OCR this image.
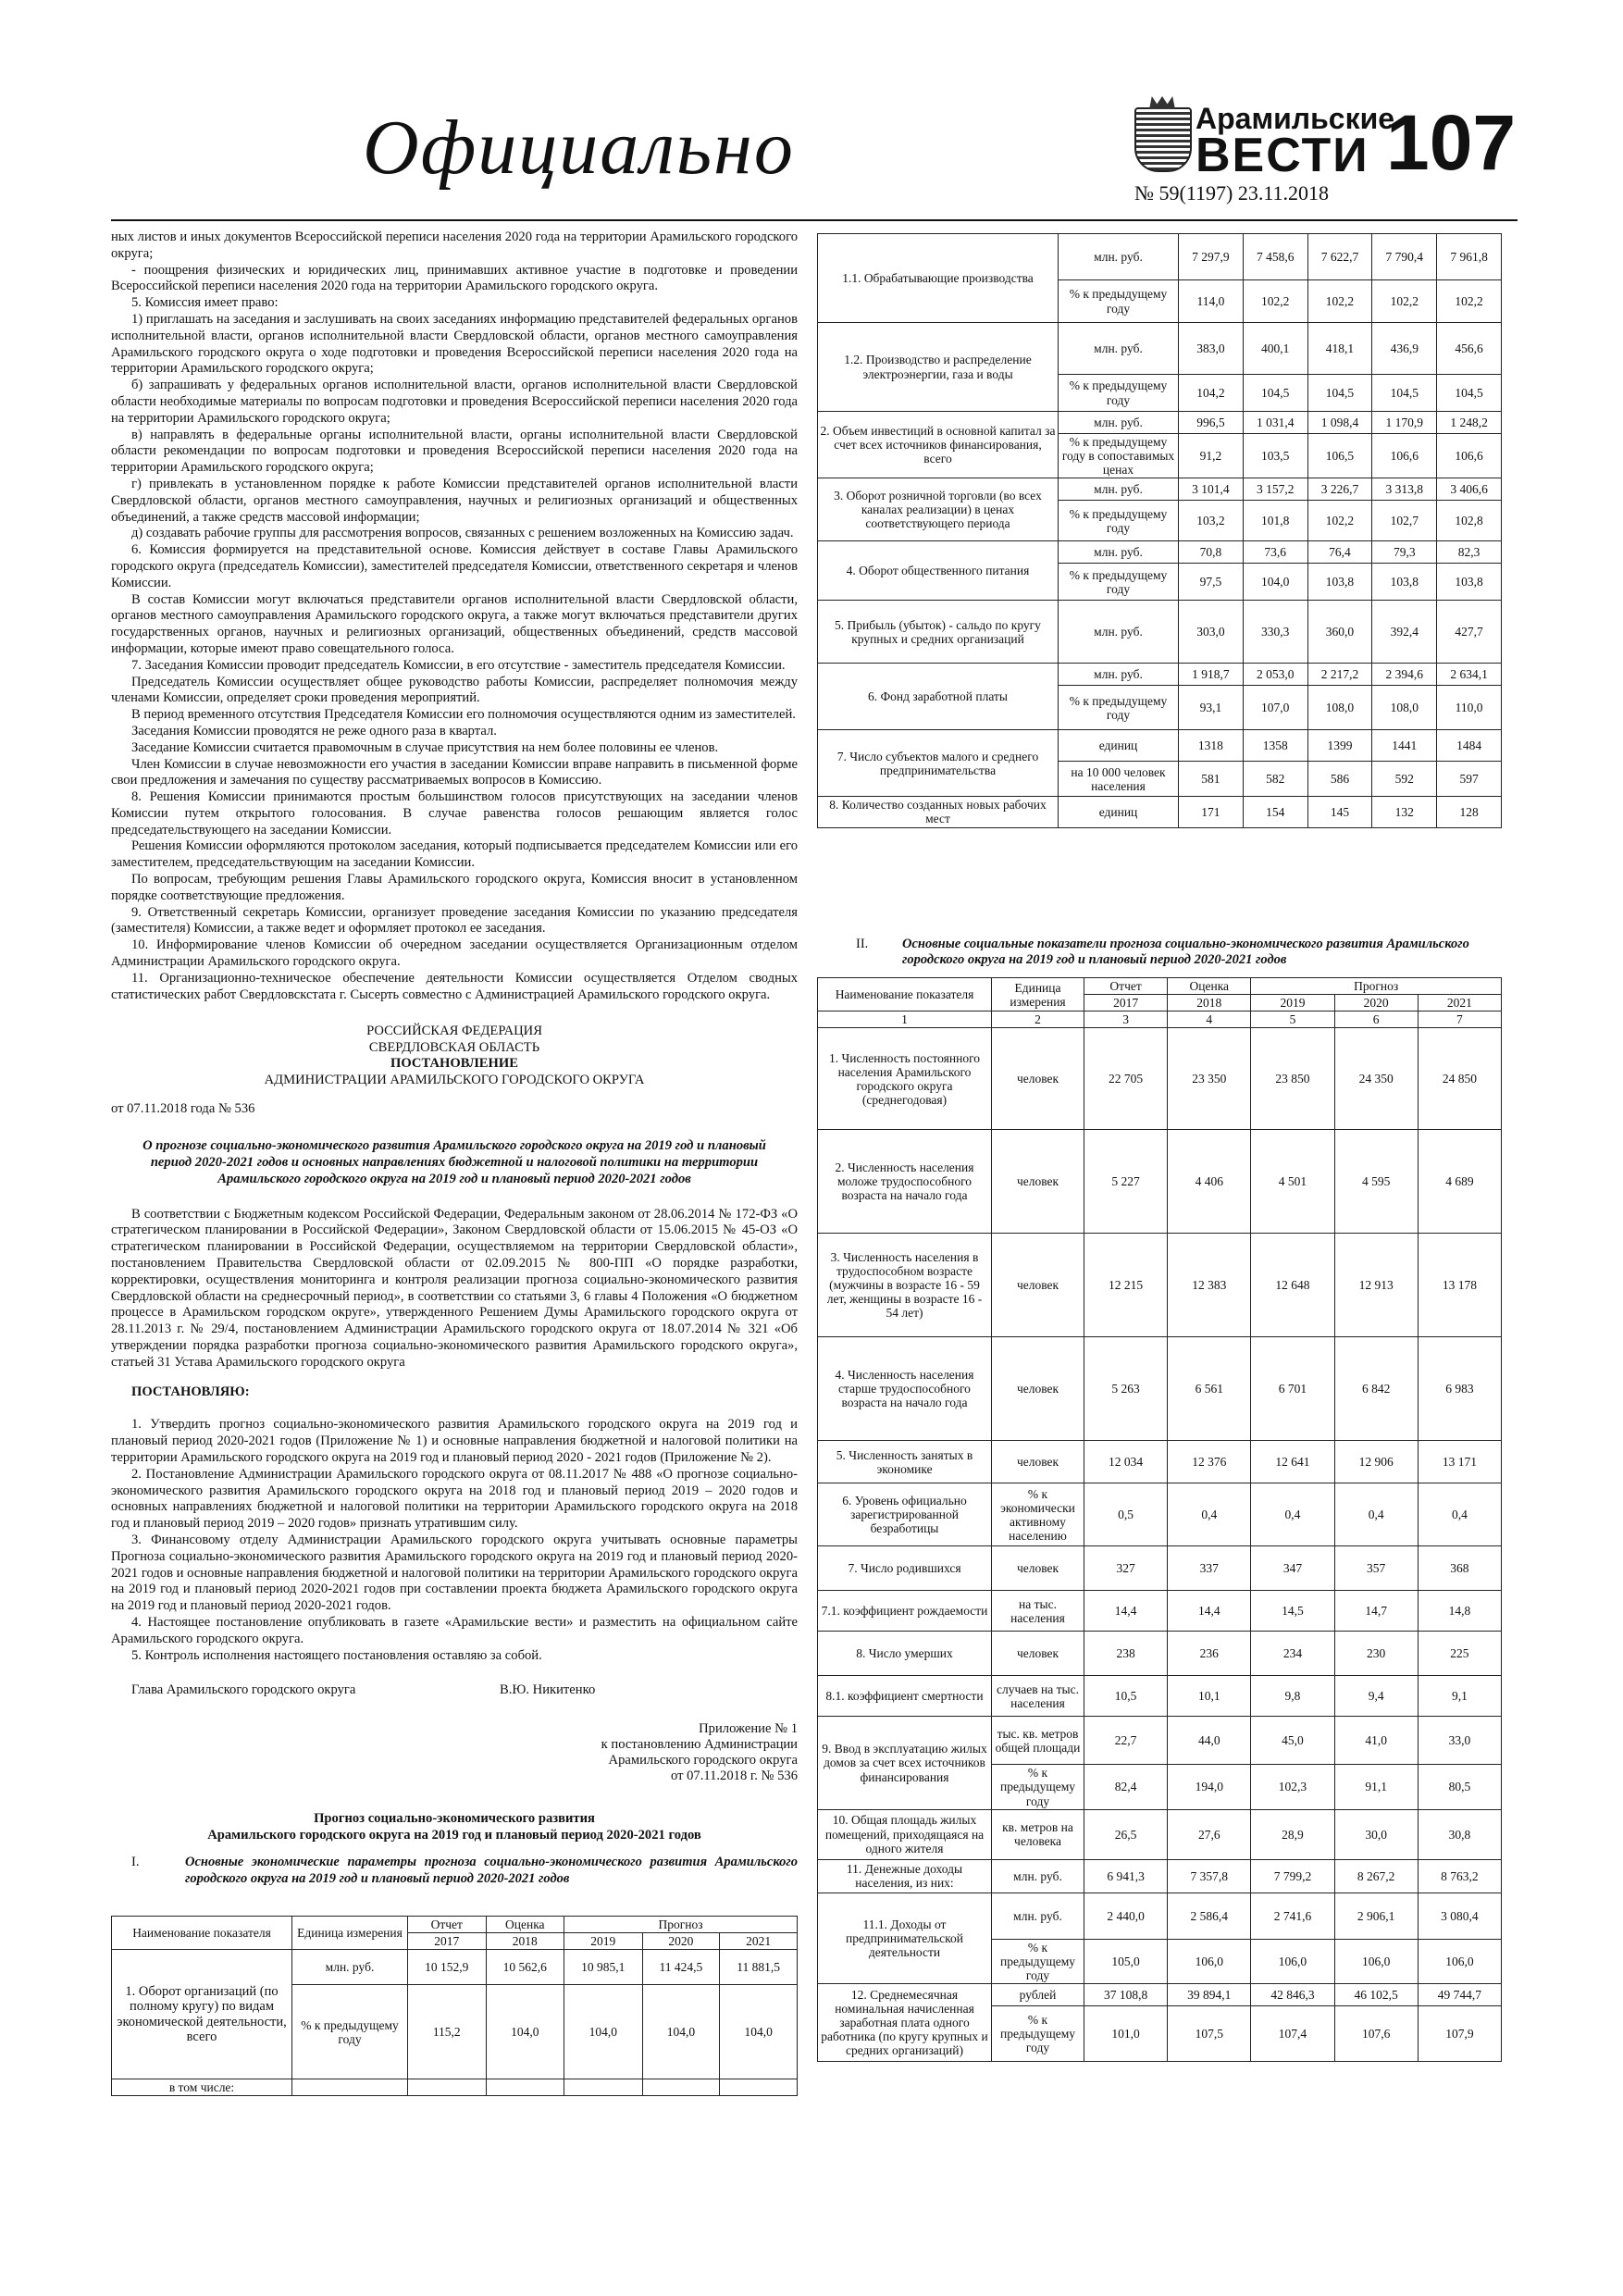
Официально	Арамильские
ВЕСТИ 107
№ 59(1197) 23.11.2018

ных листов и иных документов Всероссийской переписи населения 2020 года на территории Арамильского городского округа;

- поощрения физических и юридических лиц, принимавших активное участие в подготовке и проведении Всероссийской переписи населения 2020 года на территории Арамильского городского округа.

5. Комиссия имеет право:

1) приглашать на заседания и заслушивать на своих заседаниях информацию представителей федеральных органов исполнительной власти, органов исполнительной власти Свердловской области, органов местного самоуправления Арамильского городского округа о ходе подготовки и проведения Всероссийской переписи населения 2020 года на территории Арамильского городского округа;

б) запрашивать у федеральных органов исполнительной власти, органов исполнительной власти Свердловской области необходимые материалы по вопросам подготовки и проведения Всероссийской переписи населения 2020 года на территории Арамильского городского округа;

в) направлять в федеральные органы исполнительной власти, органы исполнительной власти Свердловской области рекомендации по вопросам подготовки и проведения Всероссийской переписи населения 2020 года на территории Арамильского городского округа;

г) привлекать в установленном порядке к работе Комиссии представителей органов исполнительной власти Свердловской области, органов местного самоуправления, научных и религиозных организаций и общественных объединений, а также средств массовой информации;

д) создавать рабочие группы для рассмотрения вопросов, связанных с решением возложенных на Комиссию задач.

6. Комиссия формируется на представительной основе. Комиссия действует в составе Главы Арамильского городского округа (председатель Комиссии), заместителей председателя Комиссии, ответственного секретаря и членов Комиссии.

В состав Комиссии могут включаться представители органов исполнительной власти Свердловской области, органов местного самоуправления Арамильского городского округа, а также могут включаться представители других государственных органов, научных и религиозных организаций, общественных объединений, средств массовой информации, которые имеют право совещательного голоса.

7. Заседания Комиссии проводит председатель Комиссии, в его отсутствие - заместитель председателя Комиссии.

Председатель Комиссии осуществляет общее руководство работы Комиссии, распределяет полномочия между членами Комиссии, определяет сроки проведения мероприятий.

В период временного отсутствия Председателя Комиссии его полномочия осуществляются одним из заместителей.

Заседания Комиссии проводятся не реже одного раза в квартал.

Заседание Комиссии считается правомочным в случае присутствия на нем более половины ее членов.

Член Комиссии в случае невозможности его участия в заседании Комиссии вправе направить в письменной форме свои предложения и замечания по существу рассматриваемых вопросов в Комиссию.

8. Решения Комиссии принимаются простым большинством голосов присутствующих на заседании членов Комиссии путем открытого голосования. В случае равенства голосов решающим является голос председательствующего на заседании Комиссии.

Решения Комиссии оформляются протоколом заседания, который подписывается председателем Комиссии или его заместителем, председательствующим на заседании Комиссии.

По вопросам, требующим решения Главы Арамильского городского округа, Комиссия вносит в установленном порядке соответствующие предложения.

9. Ответственный секретарь Комиссии, организует проведение заседания Комиссии по указанию председателя (заместителя) Комиссии, а также ведет и оформляет протокол ее заседания.

10. Информирование членов Комиссии об очередном заседании осуществляется Организационным отделом Администрации Арамильского городского округа.

11. Организационно-техническое обеспечение деятельности Комиссии осуществляется Отделом сводных статистических работ Свердловскстата г. Сысерть совместно с Администрацией Арамильского городского округа.

РОССИЙСКАЯ ФЕДЕРАЦИЯ
СВЕРДЛОВСКАЯ ОБЛАСТЬ
ПОСТАНОВЛЕНИЕ
АДМИНИСТРАЦИИ АРАМИЛЬСКОГО ГОРОДСКОГО ОКРУГА

от 07.11.2018 года № 536

О прогнозе социально-экономического развития Арамильского городского округа на 2019 год и плановый период 2020-2021 годов и основных направлениях бюджетной и налоговой политики на территории Арамильского городского округа на 2019 год и плановый период 2020-2021 годов

В соответствии с Бюджетным кодексом Российской Федерации, Федеральным законом от 28.06.2014 № 172-ФЗ «О стратегическом планировании в Российской Федерации», Законом Свердловской области от 15.06.2015 № 45-ОЗ «О стратегическом планировании в Российской Федерации, осуществляемом на территории Свердловской области», постановлением Правительства Свердловской области от 02.09.2015 № 800-ПП «О порядке разработки, корректировки, осуществления мониторинга и контроля реализации прогноза социально-экономического развития Свердловской области на среднесрочный период», в соответствии со статьями 3, 6 главы 4 Положения «О бюджетном процессе в Арамильском городском округе», утвержденного Решением Думы Арамильского городского округа от 28.11.2013 г. № 29/4, постановлением Администрации Арамильского городского округа от 18.07.2014 № 321 «Об утверждении порядка разработки прогноза социально-экономического развития Арамильского городского округа», статьей 31 Устава Арамильского городского округа

ПОСТАНОВЛЯЮ:

1. Утвердить прогноз социально-экономического развития Арамильского городского округа на 2019 год и плановый период 2020-2021 годов (Приложение № 1) и основные направления бюджетной и налоговой политики на территории Арамильского городского округа на 2019 год и плановый период 2020 - 2021 годов (Приложение № 2).

2. Постановление Администрации Арамильского городского округа от 08.11.2017 № 488 «О прогнозе социально-экономического развития Арамильского городского округа на 2018 год и плановый период 2019 – 2020 годов и основных направлениях бюджетной и налоговой политики на территории Арамильского городского округа на 2018 год и плановый период 2019 – 2020 годов» признать утратившим силу.

3. Финансовому отделу Администрации Арамильского городского округа учитывать основные параметры Прогноза социально-экономического развития Арамильского городского округа на 2019 год и плановый период 2020-2021 годов и основные направления бюджетной и налоговой политики на территории Арамильского городского округа на 2019 год и плановый период 2020-2021 годов при составлении проекта бюджета Арамильского городского округа на 2019 год и плановый период 2020-2021 годов.

4. Настоящее постановление опубликовать в газете «Арамильские вести» и разместить на официальном сайте Арамильского городского округа.

5. Контроль исполнения настоящего постановления оставляю за собой.

Глава Арамильского городского округа	В.Ю. Никитенко
Приложение № 1
к постановлению Администрации
Арамильского городского округа
от 07.11.2018 г. № 536
Прогноз социально-экономического развития
Арамильского городского округа на 2019 год и плановый период 2020-2021 годов
I.	Основные экономические параметры прогноза социально-экономического развития Арамильского городского округа на 2019 год и плановый период 2020-2021 годов
Наименование показателя	Единица измерения	Отчет	Оценка	Прогноз		
		2017	2018	2019	2020	2021
1. Оборот организаций (по полному кругу) по видам экономической деятельности, всего	млн. руб.	10 152,9	10 562,6	10 985,1	11 424,5	11 881,5
	% к предыдущему году	115,2	104,0	104,0	104,0	104,0
в том числе:						
1.1. Обрабатывающие производства	млн. руб.	7 297,9	7 458,6	7 622,7	7 790,4	7 961,8
	% к предыдущему году	114,0	102,2	102,2	102,2	102,2
1.2. Производство и распределение электроэнергии, газа и воды	млн. руб.	383,0	400,1	418,1	436,9	456,6
	% к предыдущему году	104,2	104,5	104,5	104,5	104,5
2. Объем инвестиций в основной капитал за счет всех источников финансирования, всего	млн. руб.	996,5	1 031,4	1 098,4	1 170,9	1 248,2
	% к предыдущему году в сопоставимых ценах	91,2	103,5	106,5	106,6	106,6
3. Оборот розничной торговли (во всех каналах реализации) в ценах соответствующего периода	млн. руб.	3 101,4	3 157,2	3 226,7	3 313,8	3 406,6
	% к предыдущему году	103,2	101,8	102,2	102,7	102,8
4. Оборот общественного питания	млн. руб.	70,8	73,6	76,4	79,3	82,3
	% к предыдущему году	97,5	104,0	103,8	103,8	103,8
5. Прибыль (убыток) - сальдо по кругу крупных и средних организаций	млн. руб.	303,0	330,3	360,0	392,4	427,7
6. Фонд заработной платы	млн. руб.	1 918,7	2 053,0	2 217,2	2 394,6	2 634,1
	% к предыдущему году	93,1	107,0	108,0	108,0	110,0
7. Число субъектов малого и среднего предпринимательства	единиц	1318	1358	1399	1441	1484
	на 10 000 человек населения	581	582	586	592	597
8. Количество созданных новых рабочих мест	единиц	171	154	145	132	128
II.	Основные социальные показатели прогноза социально-экономического развития Арамильского городского округа на 2019 год и плановый период 2020-2021 годов
Наименование показателя	Единица измерения	Отчет	Оценка	Прогноз		
		2017	2018	2019	2020	2021
1	2	3	4	5	6	7
1. Численность постоянного населения Арамильского городского округа (среднегодовая)	человек	22 705	23 350	23 850	24 350	24 850
2. Численность населения моложе трудоспособного возраста на начало года	человек	5 227	4 406	4 501	4 595	4 689
3. Численность населения в трудоспособном возрасте (мужчины в возрасте 16 - 59 лет, женщины в возрасте 16 - 54 лет)	человек	12 215	12 383	12 648	12 913	13 178
4. Численность населения старше трудоспособного возраста на начало года	человек	5 263	6 561	6 701	6 842	6 983
5. Численность занятых в экономике	человек	12 034	12 376	12 641	12 906	13 171
6. Уровень официально зарегистрированной безработицы	% к экономически активному населению	0,5	0,4	0,4	0,4	0,4
7. Число родившихся	человек	327	337	347	357	368
7.1. коэффициент рождаемости	на тыс. населения	14,4	14,4	14,5	14,7	14,8
8. Число умерших	человек	238	236	234	230	225
8.1. коэффициент смертности	случаев на тыс. населения	10,5	10,1	9,8	9,4	9,1
9. Ввод в эксплуатацию жилых домов за счет всех источников финансирования	тыс. кв. метров общей площади	22,7	44,0	45,0	41,0	33,0
	% к предыдущему году	82,4	194,0	102,3	91,1	80,5
10. Общая площадь жилых помещений, приходящаяся на одного жителя	кв. метров на человека	26,5	27,6	28,9	30,0	30,8
11. Денежные доходы населения, из них:	млн. руб.	6 941,3	7 357,8	7 799,2	8 267,2	8 763,2
11.1. Доходы от предпринимательской деятельности	млн. руб.	2 440,0	2 586,4	2 741,6	2 906,1	3 080,4
	% к предыдущему году	105,0	106,0	106,0	106,0	106,0
12. Среднемесячная номинальная начисленная заработная плата одного работника (по кругу крупных и средних организаций)	рублей	37 108,8	39 894,1	42 846,3	46 102,5	49 744,7
	% к предыдущему году	101,0	107,5	107,4	107,6	107,9
